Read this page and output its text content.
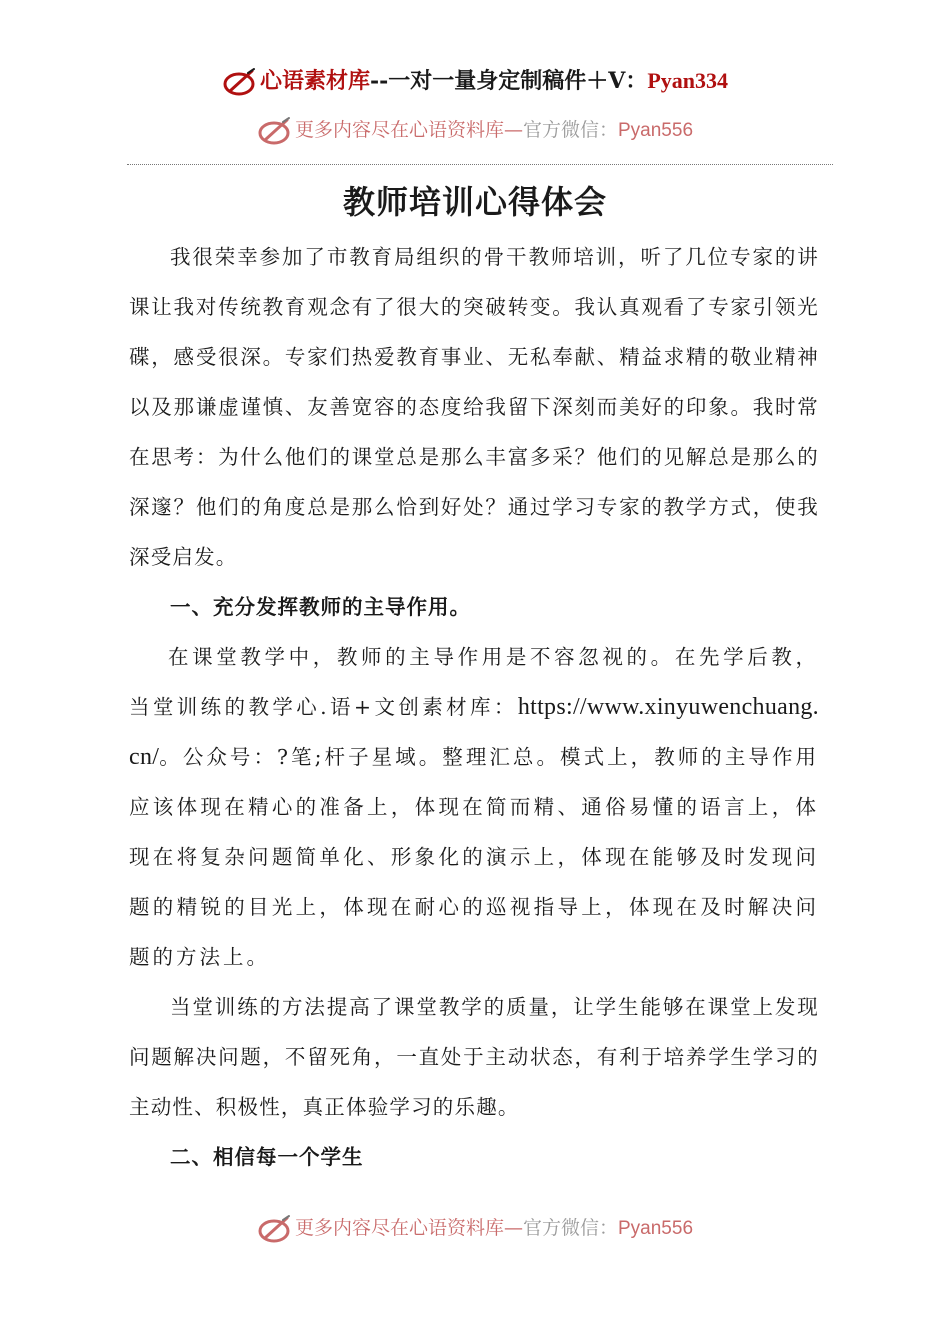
心语素材库--一对一量身定制稿件＋V：Pyan334
更多内容尽在心语资料库—官方微信：Pyan556
教师培训心得体会

我很荣幸参加了市教育局组织的骨干教师培训，听了几位专家的讲课让我对传统教育观念有了很大的突破转变。我认真观看了专家引领光碟，感受很深。专家们热爱教育事业、无私奉献、精益求精的敬业精神以及那谦虚谨慎、友善宽容的态度给我留下深刻而美好的印象。我时常在思考：为什么他们的课堂总是那么丰富多采？他们的见解总是那么的深邃？他们的角度总是那么恰到好处？通过学习专家的教学方式，使我深受启发。

一、充分发挥教师的主导作用。

在课堂教学中，教师的主导作用是不容忽视的。在先学后教，当堂训练的教学心.语+文创素材库：https://www.xinyuwenchuang.cn/。公众号：?笔;杆子星域。整理汇总。模式上，教师的主导作用应该体现在精心的准备上，体现在简而精、通俗易懂的语言上，体现在将复杂问题简单化、形象化的演示上，体现在能够及时发现问题的精锐的目光上，体现在耐心的巡视指导上，体现在及时解决问题的方法上。

当堂训练的方法提高了课堂教学的质量，让学生能够在课堂上发现问题解决问题，不留死角，一直处于主动状态，有利于培养学生学习的主动性、积极性，真正体验学习的乐趣。

二、相信每一个学生

更多内容尽在心语资料库—官方微信：Pyan556
